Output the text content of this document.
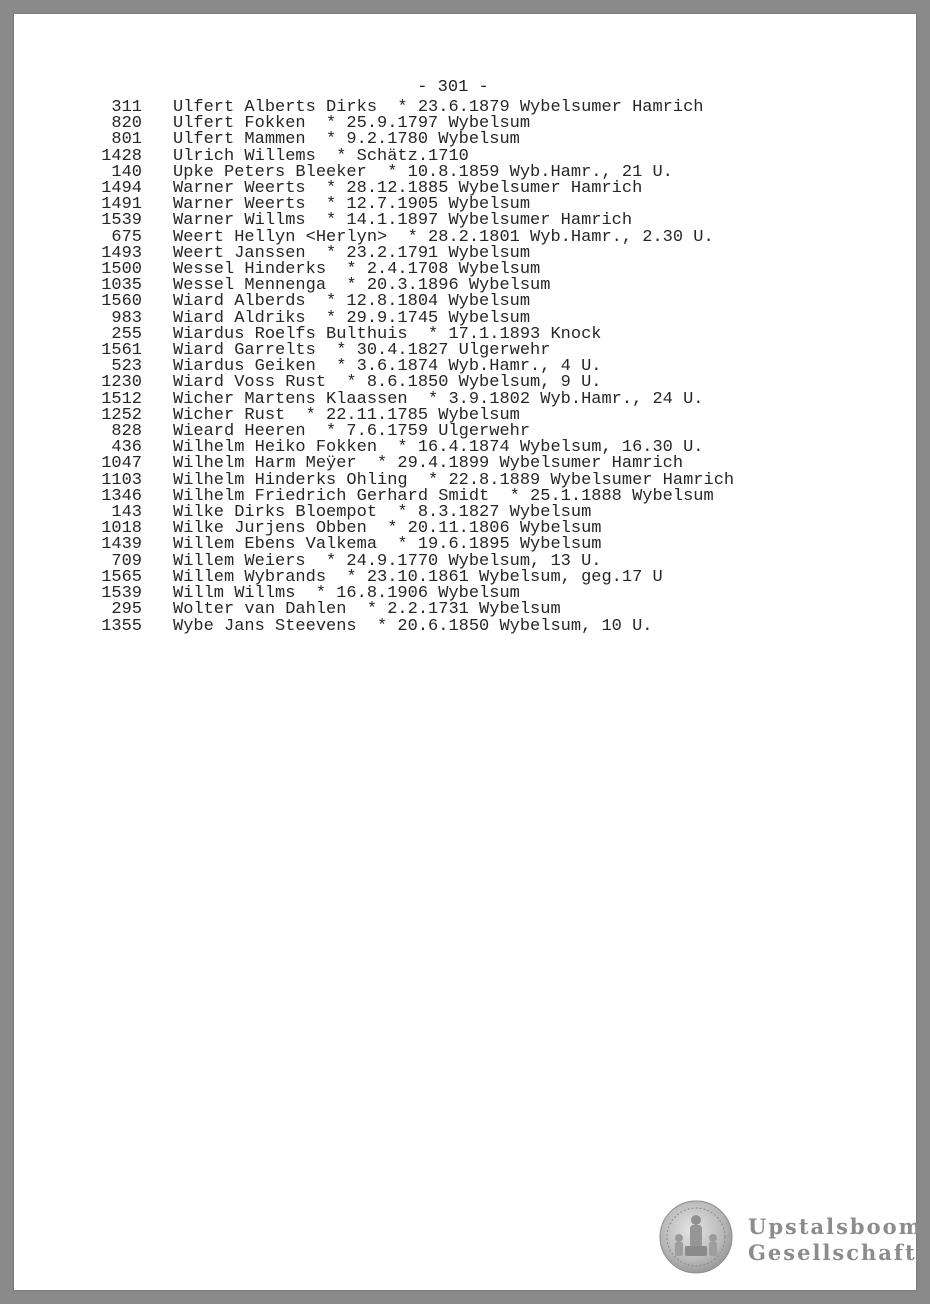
- 301 -
311 Ulfert Alberts Dirks  * 23.6.1879 Wybelsumer Hamrich
820 Ulfert Fokken  * 25.9.1797 Wybelsum
801 Ulfert Mammen  * 9.2.1780 Wybelsum
1428 Ulrich Willems  * Schätz.1710
140 Upke Peters Bleeker  * 10.8.1859 Wyb.Hamr., 21 U.
1494 Warner Weerts  * 28.12.1885 Wybelsumer Hamrich
1491 Warner Weerts  * 12.7.1905 Wybelsum
1539 Warner Willms  * 14.1.1897 Wybelsumer Hamrich
675 Weert Hellyn <Herlyn>  * 28.2.1801 Wyb.Hamr., 2.30 U.
1493 Weert Janssen  * 23.2.1791 Wybelsum
1500 Wessel Hinderks  * 2.4.1708 Wybelsum
1035 Wessel Mennenga  * 20.3.1896 Wybelsum
1560 Wiard Alberds  * 12.8.1804 Wybelsum
983 Wiard Aldriks  * 29.9.1745 Wybelsum
255 Wiardus Roelfs Bulthuis  * 17.1.1893 Knock
1561 Wiard Garrelts  * 30.4.1827 Ulgerwehr
523 Wiardus Geiken  * 3.6.1874 Wyb.Hamr., 4 U.
1230 Wiard Voss Rust  * 8.6.1850 Wybelsum, 9 U.
1512 Wicher Martens Klaassen  * 3.9.1802 Wyb.Hamr., 24 U.
1252 Wicher Rust  * 22.11.1785 Wybelsum
828 Wieard Heeren  * 7.6.1759 Ulgerwehr
436 Wilhelm Heiko Fokken  * 16.4.1874 Wybelsum, 16.30 U.
1047 Wilhelm Harm Meÿer  * 29.4.1899 Wybelsumer Hamrich
1103 Wilhelm Hinderks Ohling  * 22.8.1889 Wybelsumer Hamrich
1346 Wilhelm Friedrich Gerhard Smidt  * 25.1.1888 Wybelsum
143 Wilke Dirks Bloempot  * 8.3.1827 Wybelsum
1018 Wilke Jurjens Obben  * 20.11.1806 Wybelsum
1439 Willem Ebens Valkema  * 19.6.1895 Wybelsum
709 Willem Weiers  * 24.9.1770 Wybelsum, 13 U.
1565 Willem Wybrands  * 23.10.1861 Wybelsum, geg.17 U
1539 Willm Willms  * 16.8.1906 Wybelsum
295 Wolter van Dahlen  * 2.2.1731 Wybelsum
1355 Wybe Jans Steevens  * 20.6.1850 Wybelsum, 10 U.
Upstalsboom
Gesellschaft
